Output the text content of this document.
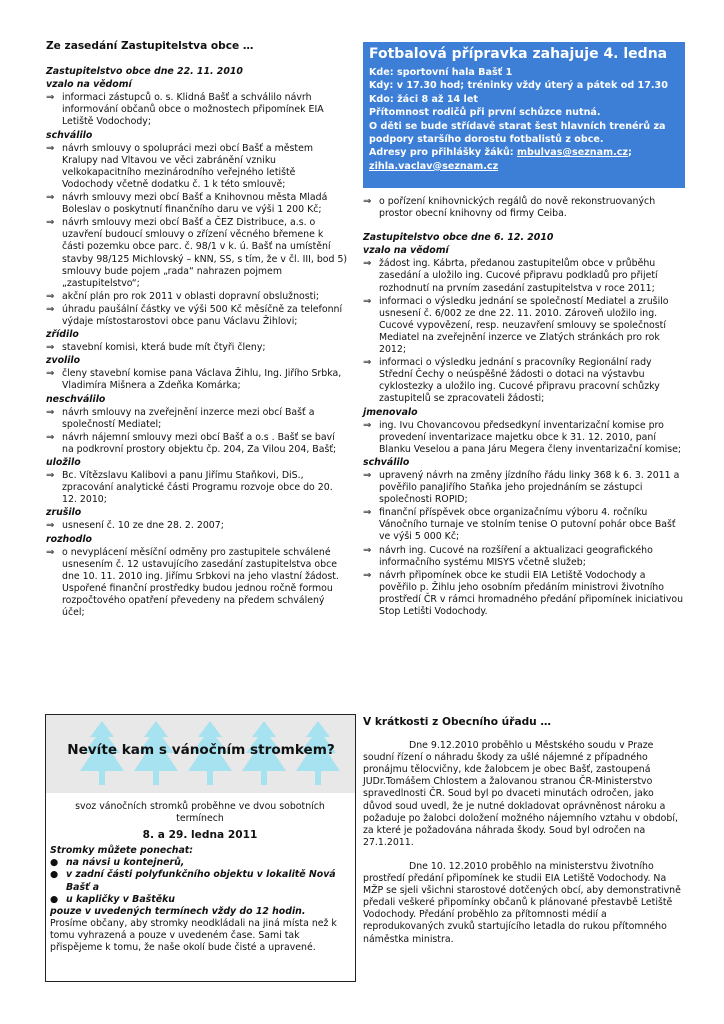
Ze zasedání Zastupitelstva obce …

Zastupitelstvo obce dne 22. 11. 2010

vzalo na vědomí
⇒ informaci zástupců o. s. Klidná Bašť a schválilo návrh informování občanů obce o možnostech připomínek EIA Letiště Vodochody;
schválilo
⇒ návrh smlouvy o spolupráci mezi obcí Bašť a městem Kralupy nad Vltavou ve věci zabránění vzniku velkokapacitního mezinárodního veřejného letiště Vodochody včetně dodatku č. 1 k této smlouvě;
⇒ návrh smlouvy mezi obcí Bašť a Knihovnou města Mladá Boleslav o poskytnutí finančního daru ve výši 1 200 Kč;
⇒ návrh smlouvy mezi obcí Bašť a ČEZ Distribuce, a.s. o uzavření budoucí smlouvy o zřízení věcného břemene k části pozemku obce parc. č. 98/1 v k. ú. Bašť na umístění stavby 98/125 Michlovský – kNN, SS, s tím, že v čl. III, bod 5) smlouvy bude pojem „rada“ nahrazen pojmem „zastupitelstvo“;
⇒ akční plán pro rok 2011 v oblasti dopravní obslužnosti;
⇒ úhradu paušální částky ve výši 500 Kč měsíčně za telefonní výdaje místostarostovi obce panu Václavu Žihlovi;
zřídilo
⇒ stavební komisi, která bude mít čtyři členy;
zvolilo
⇒ členy stavební komise pana Václava Žihlu, Ing. Jiřího Srbka, Vladimíra Mišnera a Zdeňka Komárka;
neschválilo
⇒ návrh smlouvy na zveřejnění inzerce mezi obcí Bašť a společností Mediatel;
⇒ návrh nájemní smlouvy mezi obcí Bašť a o.s . Bašť se baví na podkrovní prostory objektu čp. 204, Za Vilou 204, Bašť;
uložilo
⇒ Bc. Vítězslavu Kalibovi a panu Jiřímu Staňkovi, DiS., zpracování analytické části Programu rozvoje obce do 20. 12. 2010;
zrušilo
⇒ usnesení č. 10 ze dne 28. 2. 2007;
rozhodlo
⇒ o nevyplácení měsíční odměny pro zastupitele schválené usnesením č. 12 ustavujícího zasedání zastupitelstva obce dne 10. 11. 2010 ing. Jiřímu Srbkovi na jeho vlastní žádost. Uspořené finanční prostředky budou jednou ročně formou rozpočtového opatření převedeny na předem schválený účel;
Fotbalová přípravka zahajuje 4. ledna
Kde: sportovní hala Bašť 1
Kdy: v 17.30 hod; tréninky vždy úterý a pátek od 17.30
Kdo: žáci 8 až 14 let
Přítomnost rodičů při první schůzce nutná.
O děti se bude střídavě starat šest hlavních trenérů za podpory staršího dorostu fotbalistů z obce.
Adresy pro přihlášky žáků: mbulvas@seznam.cz;
zihla.vaclav@seznam.cz
⇒ o pořízení knihovnických regálů do nově rekonstruovaných prostor obecní knihovny od firmy Ceiba.

Zastupitelstvo obce dne 6. 12. 2010

vzalo na vědomí
⇒ žádost ing. Kábrta, předanou zastupitelům obce v průběhu zasedání a uložilo ing. Cucové připravu podkladů pro přijetí rozhodnutí na prvním zasedání zastupitelstva v roce 2011;
⇒ informaci o výsledku jednání se společností Mediatel a zrušilo usnesení č. 6/002 ze dne 22. 11. 2010. Zároveň uložilo ing. Cucové vypovězení, resp. neuzavření smlouvy se společností Mediatel na zveřejnění inzerce ve Zlatých stránkách pro rok 2012;
⇒ informaci o výsledku jednání s pracovníky Regionální rady Střední Čechy o neúspěšné žádosti o dotaci na výstavbu cyklostezky a uložilo ing. Cucové připravu pracovní schůzky zastupitelů se zpracovateli žádosti;
jmenovalo
⇒ ing. Ivu Chovancovou předsedkyní inventarizační komise pro provedení inventarizace majetku obce k 31. 12. 2010, paní Blanku Veselou a pana Járu Megera členy inventarizační komise;
schválilo
⇒ upravený návrh na změny jízdního řádu linky 368 k 6. 3. 2011 a pověřilo panaJiřího Staňka jeho projednáním se zástupci společnosti ROPID;
⇒ finanční příspěvek obce organizačnímu výboru 4. ročníku Vánočního turnaje ve stolním tenise O putovní pohár obce Bašť ve výši 5 000 Kč;
⇒ návrh ing. Cucové na rozšíření a aktualizaci geografického informačního systému MISYS včetně služeb;
⇒ návrh připomínek obce ke studii EIA Letiště Vodochody a pověřilo p. Žihlu jeho osobním předáním ministrovi životního prostředí ČR v rámci hromadného předání připomínek iniciativou Stop Letišti Vodochody.
Nevíte kam s vánočním stromkem?
svoz vánočních stromků proběhne ve dvou sobotních termínech
8. a 29. ledna 2011
Stromky můžete ponechat:
● na návsi u kontejnerů,
● v zadní části polyfunkčního objektu v lokalitě Nová Bašť a
● u kapličky v Baštěku
pouze v uvedených termínech vždy do 12 hodin.
Prosíme občany, aby stromky neodkládali na jiná místa než k tomu vyhrazená a pouze v uvedeném čase. Sami tak přispějeme k tomu, že naše okolí bude čisté a upravené.
V krátkosti z Obecního úřadu …

Dne 9.12.2010 proběhlo u Městského soudu v Praze soudní řízení o náhradu škody za ušlé nájemné z případného pronájmu tělocvičny, kde žalobcem je obec Bašť, zastoupená JUDr.Tomášem Chlostem a žalovanou stranou ČR-Ministerstvo spravedlnosti ČR. Soud byl po dvaceti minutách odročen, jako důvod soud uvedl, že je nutné dokladovat oprávněnost nároku a požaduje po žalobci doložení možného nájemního vztahu v období, za které je požadována náhrada škody. Soud byl odročen na 27.1.2011.

Dne 10. 12.2010 proběhlo na ministerstvu životního prostředí předání připomínek ke studii EIA Letiště Vodochody. Na MŽP se sjeli všichni starostové dotčených obcí, aby demonstrativně předali veškeré připomínky občanů k plánované přestavbě Letiště Vodochody. Předání proběhlo za přítomnosti médií a reprodukovaných zvuků startujícího letadla do rukou přítomného náměstka ministra.
